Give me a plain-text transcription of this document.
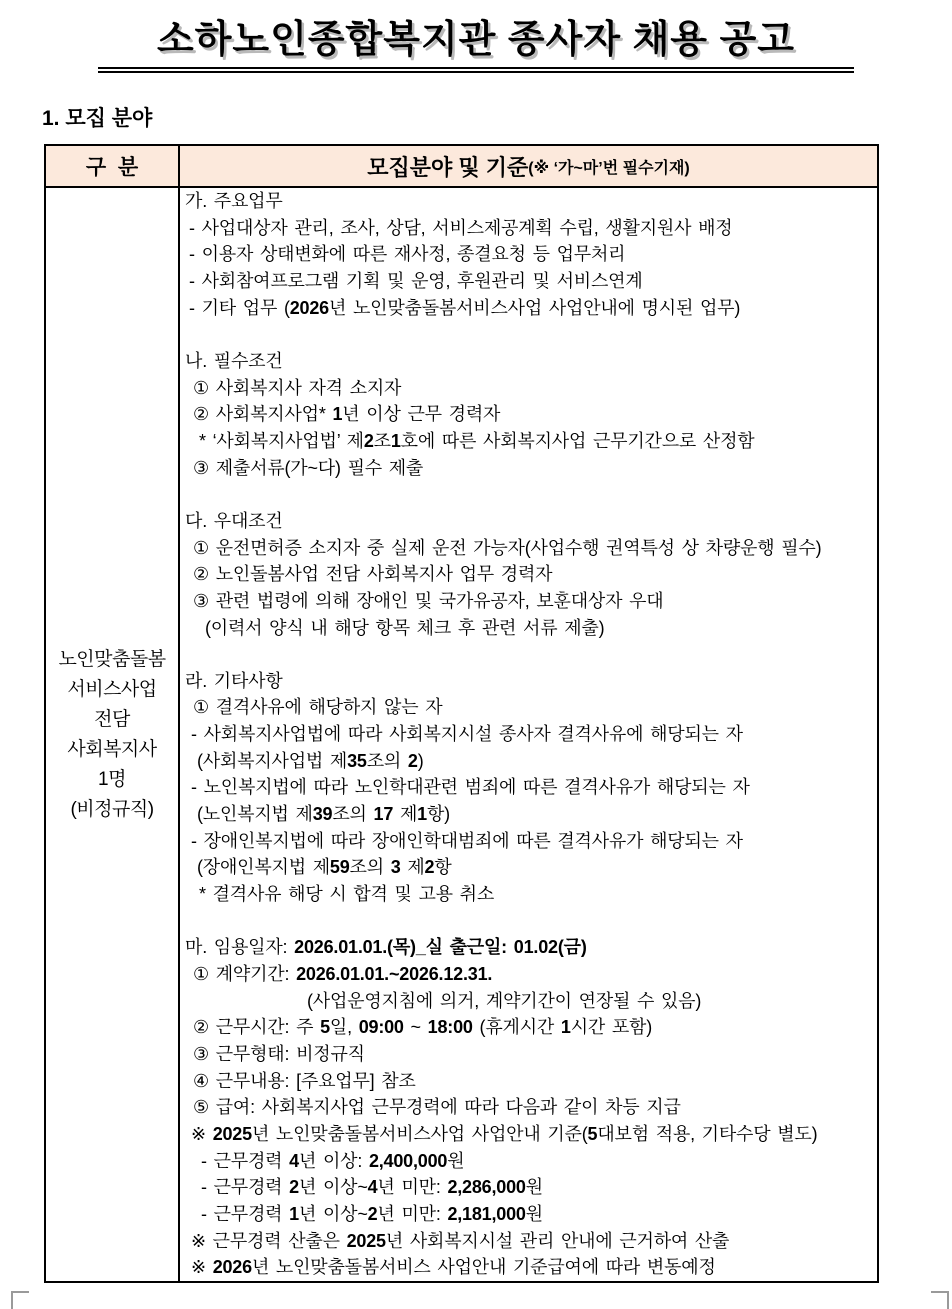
소하노인종합복지관 종사자 채용 공고
1. 모집 분야
구  분	모집분야 및 기준 (※ ‘가~마’번 필수기재)
노인맞춤돌봄
서비스사업
전담
사회복지사
1명
(비정규직)
가. 주요업무
- 사업대상자 관리, 조사, 상담, 서비스제공계획 수립, 생활지원사 배정
- 이용자 상태변화에 따른 재사정, 종결요청 등 업무처리
- 사회참여프로그램 기획 및 운영, 후원관리 및 서비스연계
- 기타 업무 (2026년 노인맞춤돌봄서비스사업 사업안내에 명시된 업무)
나. 필수조건
① 사회복지사 자격 소지자
② 사회복지사업* 1년 이상 근무 경력자
* ‘사회복지사업법’ 제2조1호에 따른 사회복지사업 근무기간으로 산정함
③ 제출서류(가~다) 필수 제출
다. 우대조건
① 운전면허증 소지자 중 실제 운전 가능자(사업수행 권역특성 상 차량운행 필수)
② 노인돌봄사업 전담 사회복지사 업무 경력자
③ 관련 법령에 의해 장애인 및 국가유공자, 보훈대상자 우대
(이력서 양식 내 해당 항목 체크 후 관련 서류 제출)
라. 기타사항
① 결격사유에 해당하지 않는 자
- 사회복지사업법에 따라 사회복지시설 종사자 결격사유에 해당되는 자
(사회복지사업법 제35조의 2)
- 노인복지법에 따라 노인학대관련 범죄에 따른 결격사유가 해당되는 자
(노인복지법 제39조의 17 제1항)
- 장애인복지법에 따라 장애인학대범죄에 따른 결격사유가 해당되는 자
(장애인복지법 제59조의 3 제2항
* 결격사유 해당 시 합격 및 고용 취소
마. 임용일자: 2026.01.01.(목)_실 출근일: 01.02(금)
① 계약기간: 2026.01.01.~2026.12.31.
(사업운영지침에 의거, 계약기간이 연장될 수 있음)
② 근무시간: 주 5일, 09:00 ~ 18:00 (휴게시간 1시간 포함)
③ 근무형태: 비정규직
④ 근무내용: [주요업무] 참조
⑤ 급여: 사회복지사업 근무경력에 따라 다음과 같이 차등 지급
※ 2025년 노인맞춤돌봄서비스사업 사업안내 기준(5대보험 적용, 기타수당 별도)
- 근무경력 4년 이상: 2,400,000원
- 근무경력 2년 이상~4년 미만: 2,286,000원
- 근무경력 1년 이상~2년 미만: 2,181,000원
※ 근무경력 산출은 2025년 사회복지시설 관리 안내에 근거하여 산출
※ 2026년 노인맞춤돌봄서비스 사업안내 기준급여에 따라 변동예정
